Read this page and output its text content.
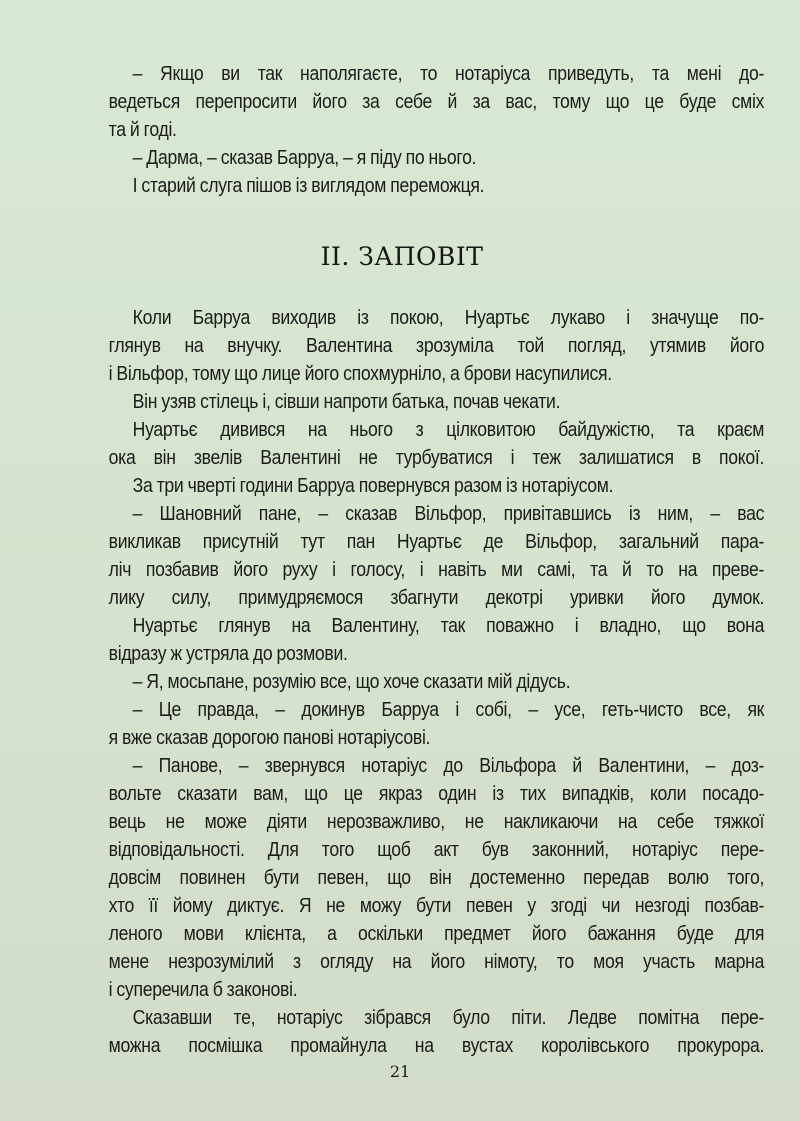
– Якщо ви так наполягаєте, то нотаріуса приведуть, та мені до-
ведеться перепросити його за себе й за вас, тому що це буде сміх
та й годі.

– Дарма, – сказав Барруа, – я піду по нього.

І старий слуга пішов із виглядом переможця.

II. ЗАПОВІТ

Коли Барруа виходив із покою, Нуартьє лукаво і значуще по-
глянув на внучку. Валентина зрозуміла той погляд, утямив його
і Вільфор, тому що лице його спохмурніло, а брови насупилися.

Він узяв стілець і, сівши напроти батька, почав чекати.

Нуартьє дивився на нього з цілковитою байдужістю, та краєм
ока він звелів Валентині не турбуватися і теж залишатися в покої.

За три чверті години Барруа повернувся разом із нотаріусом.

– Шановний пане, – сказав Вільфор, привітавшись із ним, – вас
викликав присутній тут пан Нуартьє де Вільфор, загальний пара-
ліч позбавив його руху і голосу, і навіть ми самі, та й то на преве-
лику силу, примудряємося збагнути декотрі уривки його думок.

Нуартьє глянув на Валентину, так поважно і владно, що вона
відразу ж устряла до розмови.

– Я, мосьпане, розумію все, що хоче сказати мій дідусь.

– Це правда, – докинув Барруа і собі, – усе, геть-чисто все, як
я вже сказав дорогою панові нотаріусові.

– Панове, – звернувся нотаріус до Вільфора й Валентини, – доз-
вольте сказати вам, що це якраз один із тих випадків, коли посадо-
вець не може діяти нерозважливо, не накликаючи на себе тяжкої
відповідальності. Для того щоб акт був законний, нотаріус пере-
довсім повинен бути певен, що він достеменно передав волю того,
хто її йому диктує. Я не можу бути певен у згоді чи незгоді позбав-
леного мови клієнта, а оскільки предмет його бажання буде для
мене незрозумілий з огляду на його німоту, то моя участь марна
і суперечила б законові.

Сказавши те, нотаріус зібрався було піти. Ледве помітна пере-
можна посмішка промайнула на вустах королівського прокурора.

21
